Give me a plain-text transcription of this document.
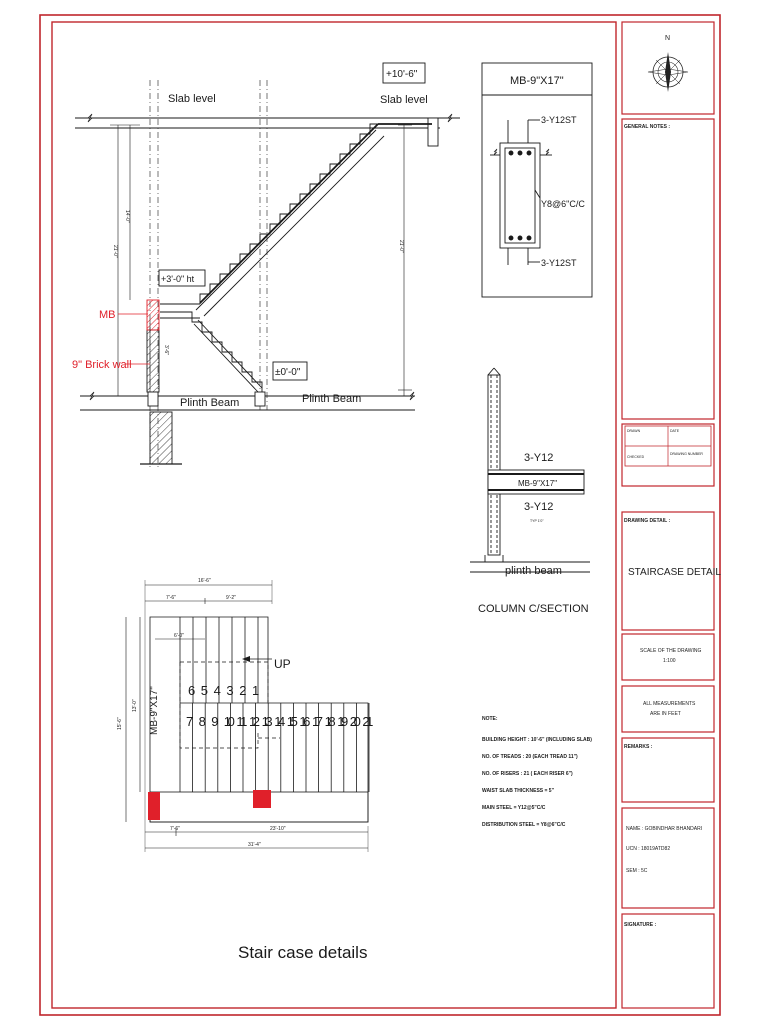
N
GENERAL NOTES :
DRAWN	DATE
CHECKED
DRAWING NUMBER
DRAWING DETAIL :
STAIRCASE DETAIL
SCALE OF THE DRAWING
1:100
ALL MEASUREMENTS
ARE IN FEET
REMARKS :
NAME : GOBINDHAR BHANDARI
UCN : 18019ATD82
SEM : 5C
SIGNATURE :
Slab level	Slab level
+10'-6"
+3'-0" ht
±0'-0"
Plinth Beam	Plinth Beam
MB
9" Brick wall
14'-0"
21'-0"	21'-0"
3'-6"
MB-9"X17"
3-Y12ST
Y8@6"C/C
3-Y12ST
3-Y12
MB-9"X17"
3-Y12
TYP 1'0"
plinth beam
COLUMN C/SECTION
16'-6"
7'-6"	9'-2"
6'-0"
15'-6"
13'-0" MB-9"X17"
UP
6 5 4 3 2 1
7 8 9 10 11 12 13 14 15 16 17 18 19 20 21
7'-6"	23'-10"
31'-4"
Stair case details
NOTE:
BUILDING HEIGHT : 10'-6" (INCLUDING SLAB)
NO. OF TREADS : 20 (EACH TREAD 11")
NO. OF RISERS : 21 ( EACH RISER 6")
WAIST SLAB THICKNESS = 5"
MAIN STEEL = Y12@5"C/C
DISTRIBUTION STEEL = Y8@6"C/C
